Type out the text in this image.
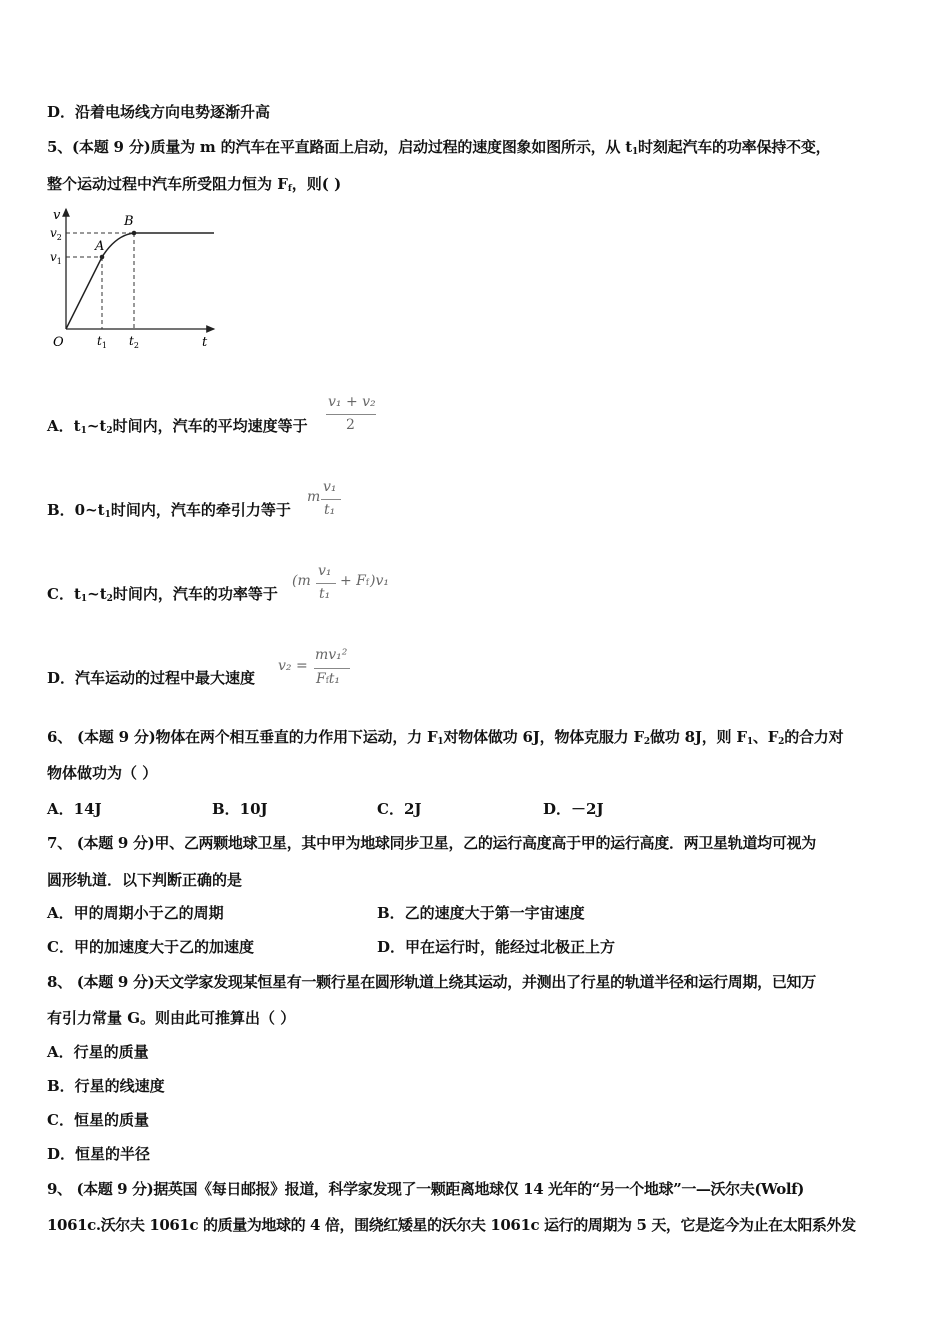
D．沿着电场线方向电势逐渐升高
5、(本题 9 分)质量为 m 的汽车在平直路面上启动，启动过程的速度图象如图所示，从 $t_1$时刻起汽车的功率保持不变，
整个运动过程中汽车所受阻力恒为 $F_f$，则( )
v
t
O
A
B
$v_2$
$v_1$
$t_1$ $t_2$
A．$t_1\sim t_2$时间内，汽车的平均速度等于
v₁ + v₂
2
B．$0\sim t_1$时间内，汽车的牵引力等于
m
v₁
t₁
C．$t_1\sim t_2$时间内，汽车的功率等于
(m
v₁
t₁
+ Ff )v₁
D．汽车运动的过程中最大速度
v₂ =
mv₁²
Fft₁
6、 (本题 9 分)物体在两个相互垂直的力作用下运动，力 $F_1$对物体做功 6J，物体克服力 $F_2$做功 8J，则 $F_1$、$F_2$的合力对
物体做功为（ ）
A．14J	B．10J	C．2J	D．－2J
7、 (本题 9 分)甲、乙两颗地球卫星，其中甲为地球同步卫星，乙的运行高度高于甲的运行高度．两卫星轨道均可视为
圆形轨道．以下判断正确的是
A．甲的周期小于乙的周期	B．乙的速度大于第一宇宙速度
C．甲的加速度大于乙的加速度	D．甲在运行时，能经过北极正上方
8、 (本题 9 分)天文学家发现某恒星有一颗行星在圆形轨道上绕其运动，并测出了行星的轨道半径和运行周期，已知万
有引力常量 G。则由此可推算出（ ）
A．行星的质量
B．行星的线速度
C．恒星的质量
D．恒星的半径
9、 (本题 9 分)据英国《每日邮报》报道，科学家发现了一颗距离地球仅 14 光年的“另一个地球”一—沃尔夫(Wolf)
1061c.沃尔夫 1061c 的质量为地球的 4 倍，围绕红矮星的沃尔夫 1061c 运行的周期为 5 天，它是迄今为止在太阳系外发
